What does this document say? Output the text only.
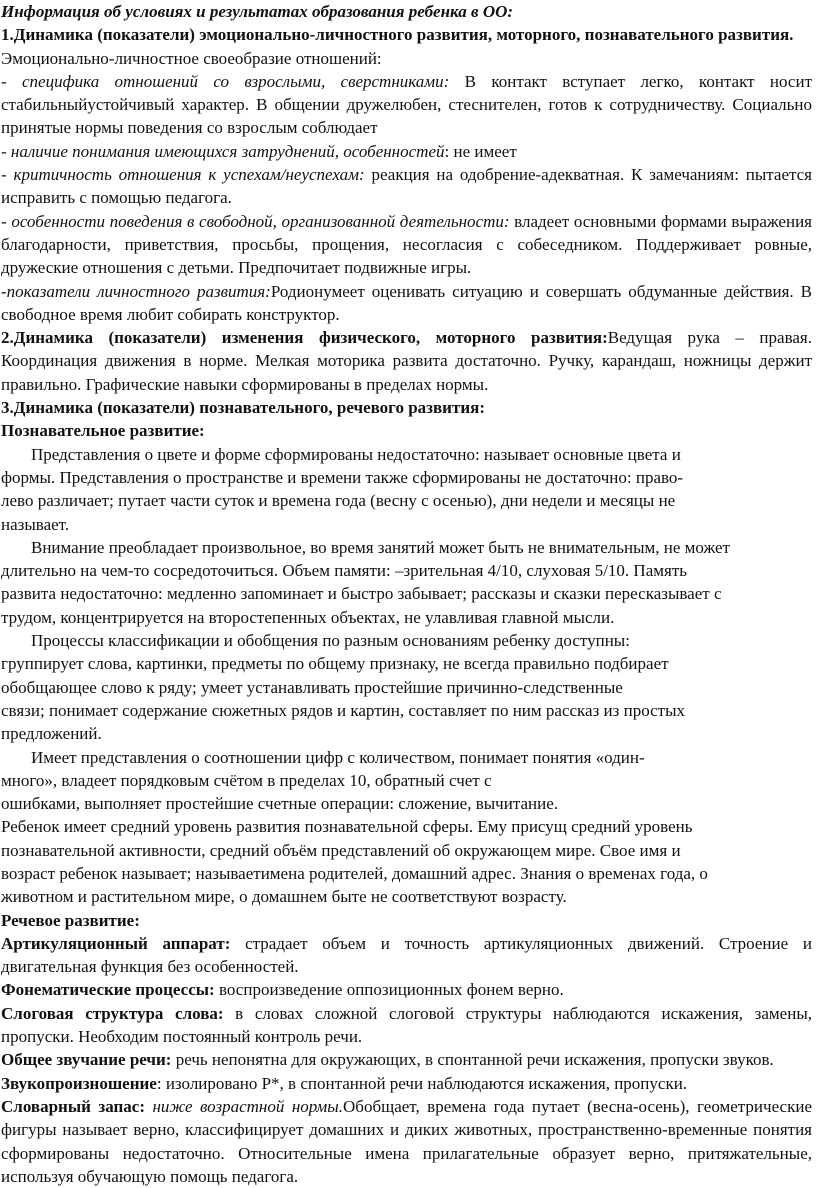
Информация об условиях и результатах образования ребенка в ОО:

1.Динамика (показатели) эмоционально-личностного развития, моторного, познавательного развития.

Эмоционально-личностное своеобразие отношений:

- специфика отношений со взрослыми, сверстниками: В контакт вступает легко, контакт носит стабильныйустойчивый характер. В общении дружелюбен, стеснителен, готов к сотрудничеству. Социально принятые нормы поведения со взрослым соблюдает

- наличие понимания имеющихся затруднений, особенностей: не имеет

- критичность отношения к успехам/неуспехам: реакция на одобрение-адекватная. К замечаниям: пытается исправить с помощью педагога.

- особенности поведения в свободной, организованной деятельности: владеет основными формами выражения благодарности, приветствия, просьбы, прощения, несогласия с собеседником. Поддерживает ровные, дружеские отношения с детьми. Предпочитает подвижные игры.

-показатели личностного развития:Родионумеет оценивать ситуацию и совершать обдуманные действия. В свободное время любит собирать конструктор.

2.Динамика (показатели) изменения физического, моторного развития:Ведущая рука – правая. Координация движения в норме. Мелкая моторика развита достаточно. Ручку, карандаш, ножницы держит правильно. Графические навыки сформированы в пределах нормы.

3.Динамика (показатели) познавательного, речевого развития:

Познавательное развитие:

Представления о цвете и форме сформированы недостаточно: называет основные цвета и
формы. Представления о пространстве и времени также сформированы не достаточно: право-
лево различает; путает части суток и времена года (весну с осенью), дни недели и месяцы не
называет.

Внимание преобладает произвольное, во время занятий может быть не внимательным, не может
длительно на чем-то сосредоточиться. Объем памяти: –зрительная 4/10, слуховая 5/10. Память
развита недостаточно: медленно запоминает и быстро забывает; рассказы и сказки пересказывает с
трудом, концентрируется на второстепенных объектах, не улавливая главной мысли.

Процессы классификации и обобщения по разным основаниям ребенку доступны:
группирует слова, картинки, предметы по общему признаку, не всегда правильно подбирает
обобщающее слово к ряду; умеет устанавливать простейшие причинно-следственные
связи; понимает содержание сюжетных рядов и картин, составляет по ним рассказ из простых
предложений.

Имеет представления о соотношении цифр с количеством, понимает понятия «один-
много», владеет порядковым счётом в пределах 10, обратный счет с
ошибками, выполняет простейшие счетные операции: сложение, вычитание.

Ребенок имеет средний уровень развития познавательной сферы. Ему присущ средний уровень
познавательной активности, средний объём представлений об окружающем мире. Свое имя и
возраст ребенок называет; называетимена родителей, домашний адрес. Знания о временах года, о
животном и растительном мире, о домашнем быте не соответствуют возрасту.

Речевое развитие:

Артикуляционный аппарат: страдает объем и точность артикуляционных движений. Строение и двигательная функция без особенностей.

Фонематические процессы: воспроизведение оппозиционных фонем верно.

Слоговая структура слова: в словах сложной слоговой структуры наблюдаются искажения, замены, пропуски. Необходим постоянный контроль речи.

Общее звучание речи: речь непонятна для окружающих, в спонтанной речи искажения, пропуски звуков.

Звукопроизношение: изолировано Р*, в спонтанной речи наблюдаются искажения, пропуски.

Словарный запас: ниже возрастной нормы.Обобщает, времена года путает (весна-осень), геометрические фигуры называет верно, классифицирует домашних и диких животных, пространственно-временные понятия сформированы недостаточно. Относительные имена прилагательные образует верно, притяжательные, используя обучающую помощь педагога.
